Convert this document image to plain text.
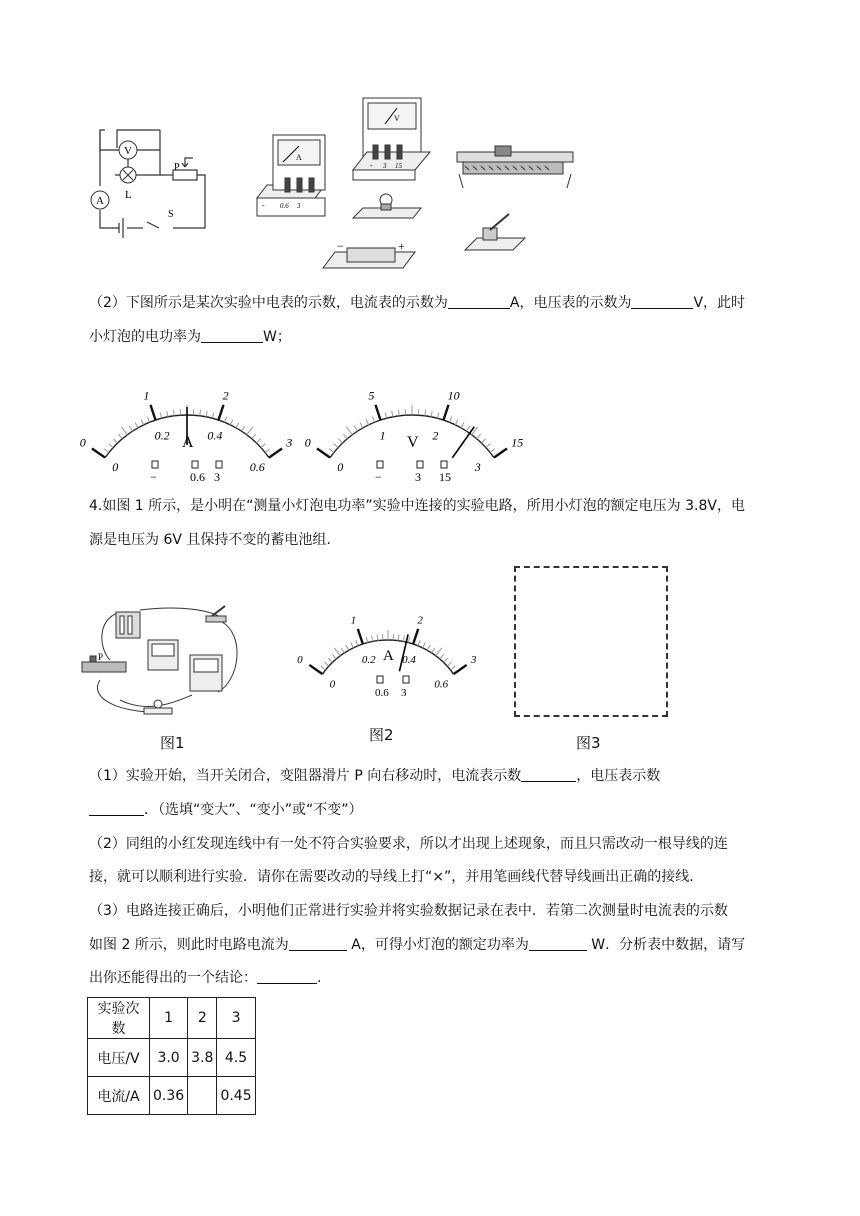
V
L
A
P
S
A
- 0.6 3
V
- 3 15
−	+
（2）下图所示是某次实验中电表的示数，电流表的示数为	A，电压表的示数为	V，此时
小灯泡的电功率为	W；
0
1	2
3
0
0.2	0.4
0.6
A
−	0.6 3
0
5	10
15
0
1	2
3
V
−	3 15
4.如图 1 所示，是小明在“测量小灯泡电功率”实验中连接的实验电路，所用小灯泡的额定电压为 3.8V，电
源是电压为 6V 且保持不变的蓄电池组.
P
图1
0
1	2
3
0
0.2 0.4
0.6
A
0.6 3
图2	图3
（1）实验开始，当开关闭合，变阻器滑片 P 向右移动时，电流表示数	，电压表示数
．（选填“变大”、“变小”或“不变”）
（2）同组的小红发现连线中有一处不符合实验要求，所以才出现上述现象，而且只需改动一根导线的连
接，就可以顺利进行实验．请你在需要改动的导线上打“×”，并用笔画线代替导线画出正确的接线.
（3）电路连接正确后，小明他们正常进行实验并将实验数据记录在表中．若第二次测量时电流表的示数
如图 2 所示，则此时电路电流为	A，可得小灯泡的额定功率为	W．分析表中数据，请写
出你还能得出的一个结论：	.
实验次数	1	2	3
电压/V	3.0	3.8	4.5
电流/A	0.36		0.45
